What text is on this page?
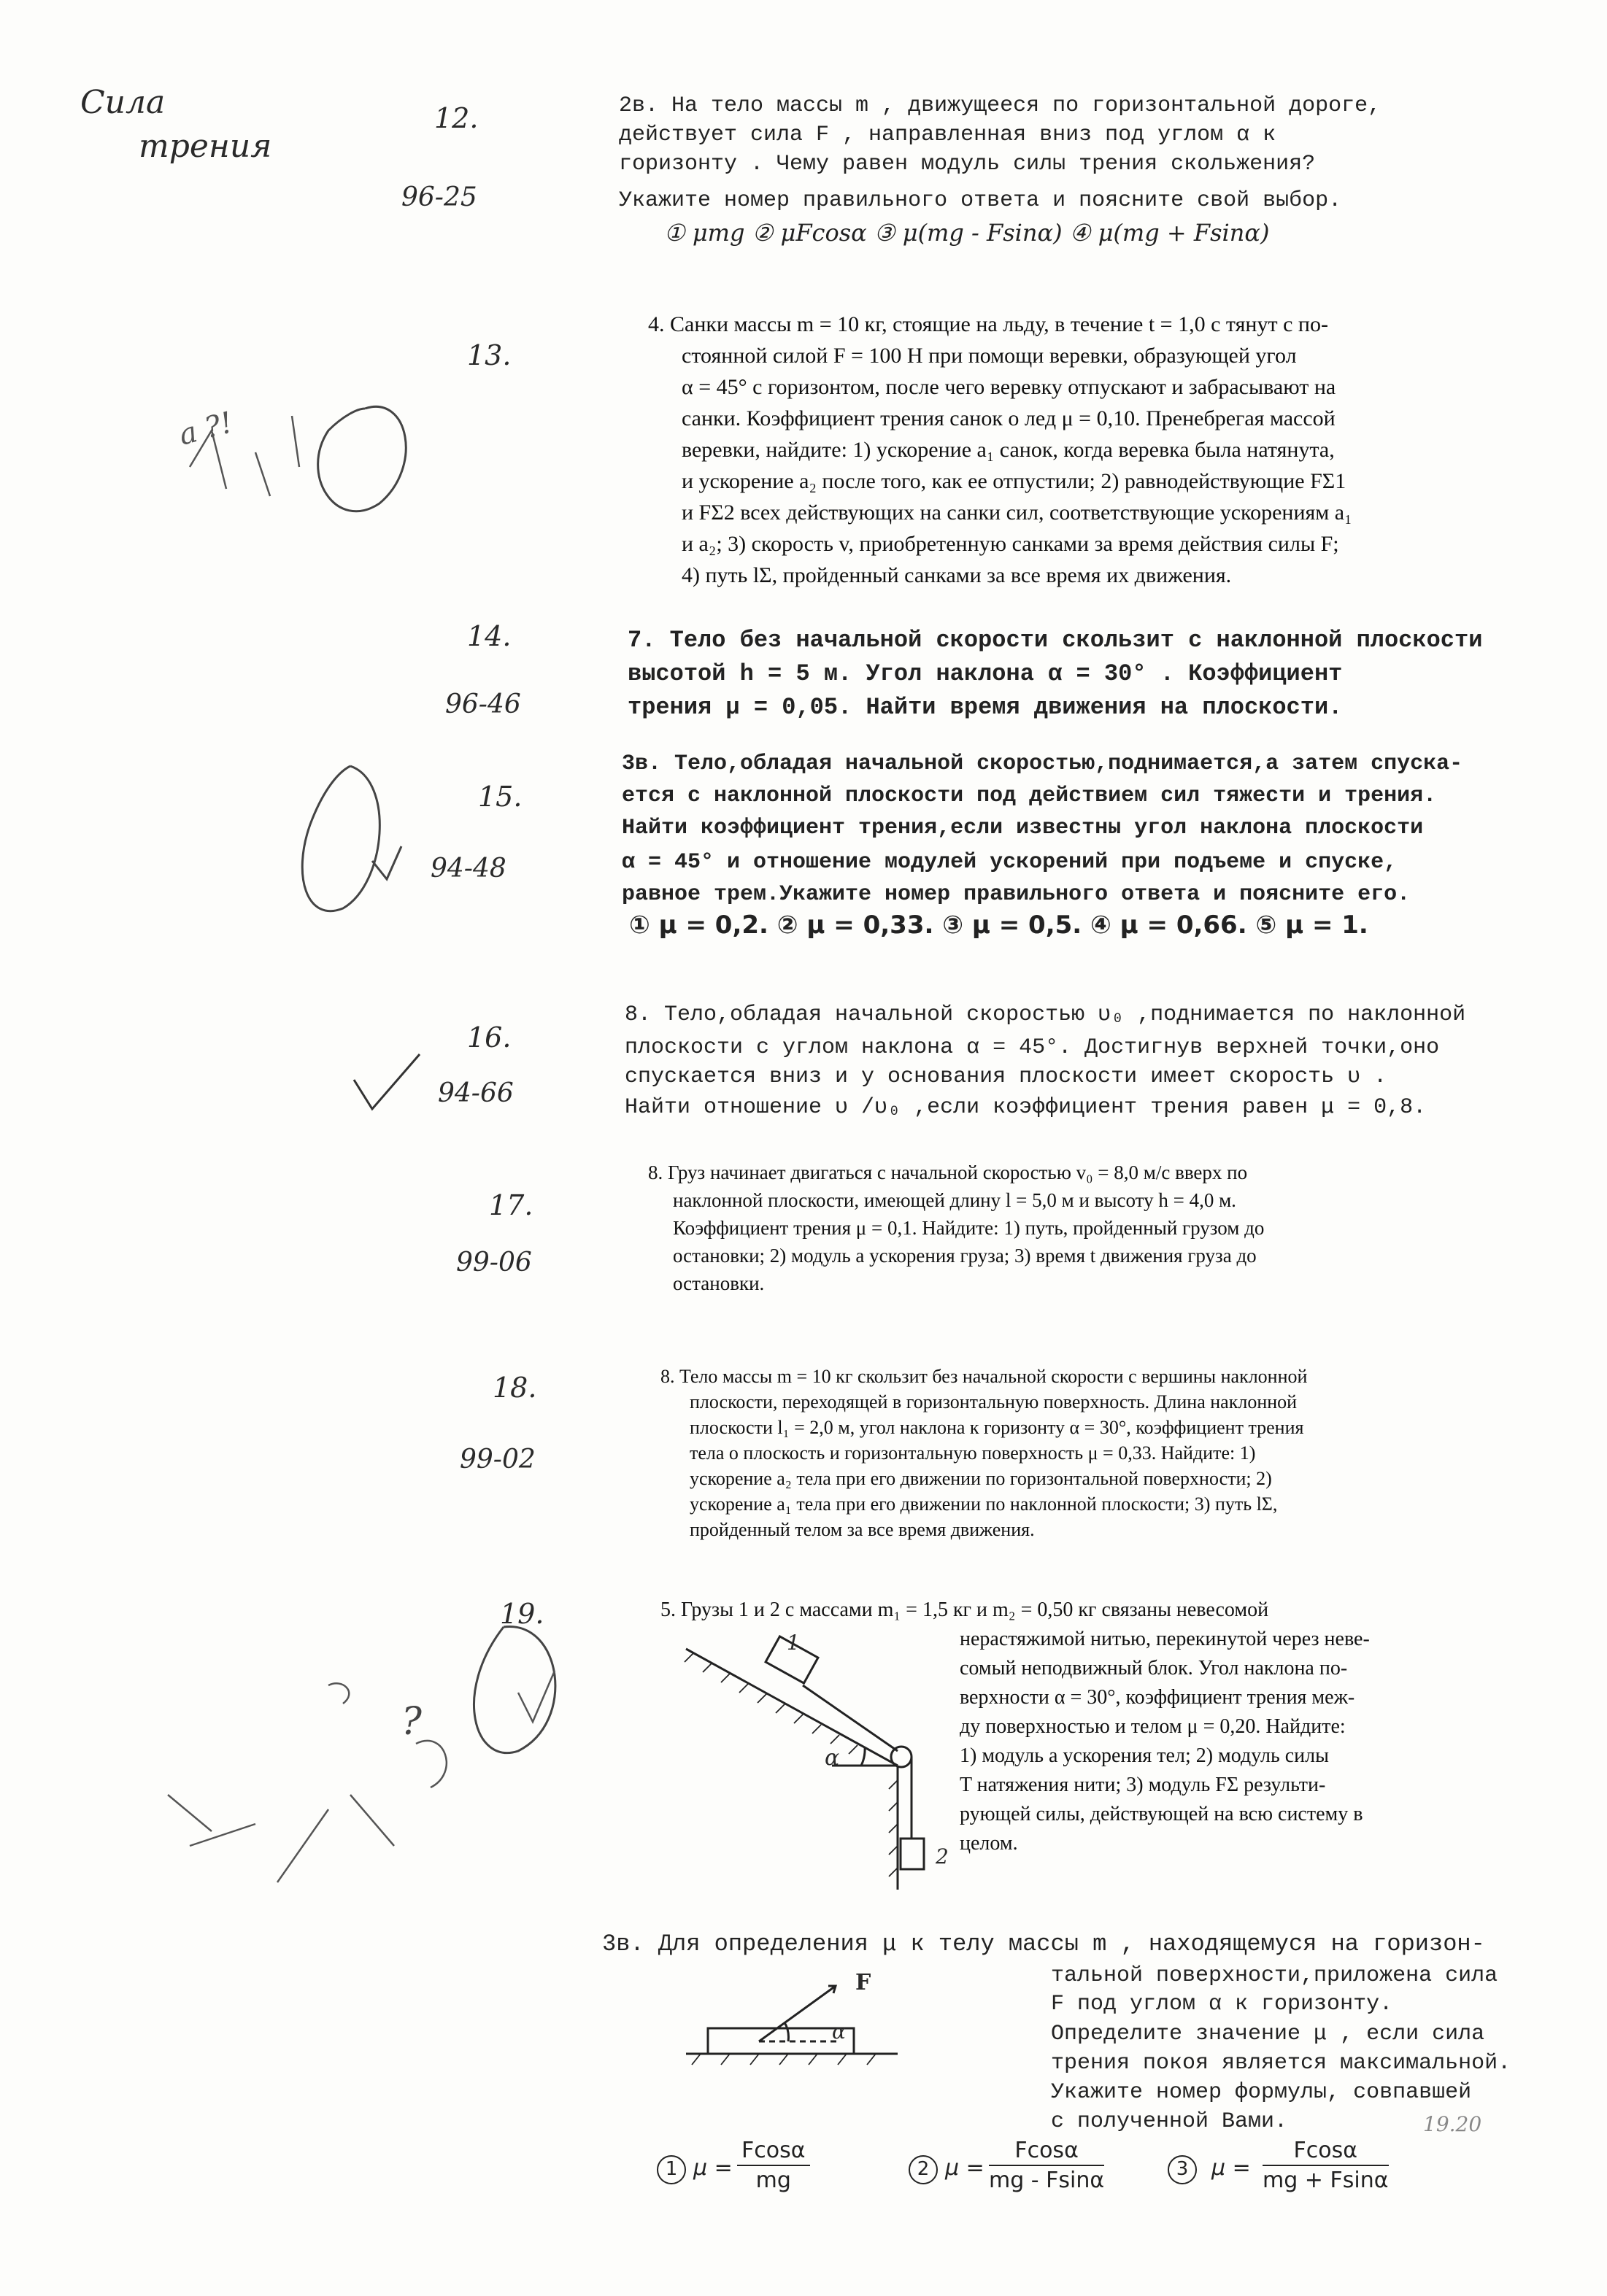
Сила
трения
12.
96-25
2в. На тело массы m , движущееся по горизонтальной дороге,
действует сила F , направленная вниз под углом α к
горизонту . Чему равен модуль силы трения скольжения?
Укажите номер правильного ответа и поясните свой выбор.
① μmg ② μFcosα ③ μ(mg - Fsinα) ④ μ(mg + Fsinα)
13.
4. Санки массы m = 10 кг, стоящие на льду, в течение t = 1,0 с тянут с по-
стоянной силой F = 100 Н при помощи веревки, образующей угол
α = 45° с горизонтом, после чего веревку отпускают и забрасывают на
санки. Коэффициент трения санок о лед μ = 0,10. Пренебрегая массой
веревки, найдите: 1) ускорение a₁ санок, когда веревка была натянута,
и ускорение a₂ после того, как ее отпустили; 2) равнодействующие FΣ1
и FΣ2 всех действующих на санки сил, соответствующие ускорениям a₁
и a₂; 3) скорость v, приобретенную санками за время действия силы F;
4) путь lΣ, пройденный санками за все время их движения.
a ?!
14.
96-46
7. Тело без начальной скорости скользит с наклонной плоскости
высотой h = 5 м. Угол наклона α = 30° . Коэффициент
трения μ = 0,05. Найти время движения на плоскости.
15.
94-48
3в. Тело,обладая начальной скоростью,поднимается,а затем спуска-
ется с наклонной плоскости под действием сил тяжести и трения.
Найти коэффициент трения,если известны угол наклона плоскости
α = 45° и отношение модулей ускорений при подъеме и спуске,
равное трем.Укажите номер правильного ответа и поясните его.
① μ = 0,2. ② μ = 0,33. ③ μ = 0,5. ④ μ = 0,66. ⑤ μ = 1.
16.
94-66
8. Тело,обладая начальной скоростью υ₀ ,поднимается по наклонной
плоскости с углом наклона α = 45°. Достигнув верхней точки,оно
спускается вниз и у основания плоскости имеет скорость υ .
Найти отношение υ /υ₀ ,если коэффициент трения равен μ = 0,8.
17.
99-06
8. Груз начинает двигаться с начальной скоростью v₀ = 8,0 м/с вверх по
наклонной плоскости, имеющей длину l = 5,0 м и высоту h = 4,0 м.
Коэффициент трения μ = 0,1. Найдите: 1) путь, пройденный грузом до
остановки; 2) модуль a ускорения груза; 3) время t движения груза до
остановки.
18.
99-02
8. Тело массы m = 10 кг скользит без начальной скорости с вершины наклонной
плоскости, переходящей в горизонтальную поверхность. Длина наклонной
плоскости l₁ = 2,0 м, угол наклона к горизонту α = 30°, коэффициент трения
тела о плоскость и горизонтальную поверхность μ = 0,33. Найдите: 1)
ускорение a₂ тела при его движении по горизонтальной поверхности; 2)
ускорение a₁ тела при его движении по наклонной плоскости; 3) путь lΣ,
пройденный телом за все время движения.
19.
?
5. Грузы 1 и 2 с массами m₁ = 1,5 кг и m₂ = 0,50 кг связаны невесомой
нерастяжимой нитью, перекинутой через неве-
сомый неподвижный блок. Угол наклона по-
верхности α = 30°, коэффициент трения меж-
ду поверхностью и телом μ = 0,20. Найдите:
1) модуль a ускорения тел; 2) модуль силы
T натяжения нити; 3) модуль FΣ результи-
рующей силы, действующей на всю систему в
целом.
1
2
α
3в. Для определения μ к телу массы m , находящемуся на горизон-
тальной поверхности,приложена сила
F под углом α к горизонту.
Определите значение μ , если сила
трения покоя является максимальной.
Укажите номер формулы, совпавшей
с полученной Вами.
F
α
1 $\mu = \frac{Fcos\alpha}{mg}$	2 $\mu = \frac{Fcos\alpha}{mg - Fsin\alpha}$	3	$\mu = \frac{Fcos\alpha}{mg + Fsin\alpha}$
19.20
